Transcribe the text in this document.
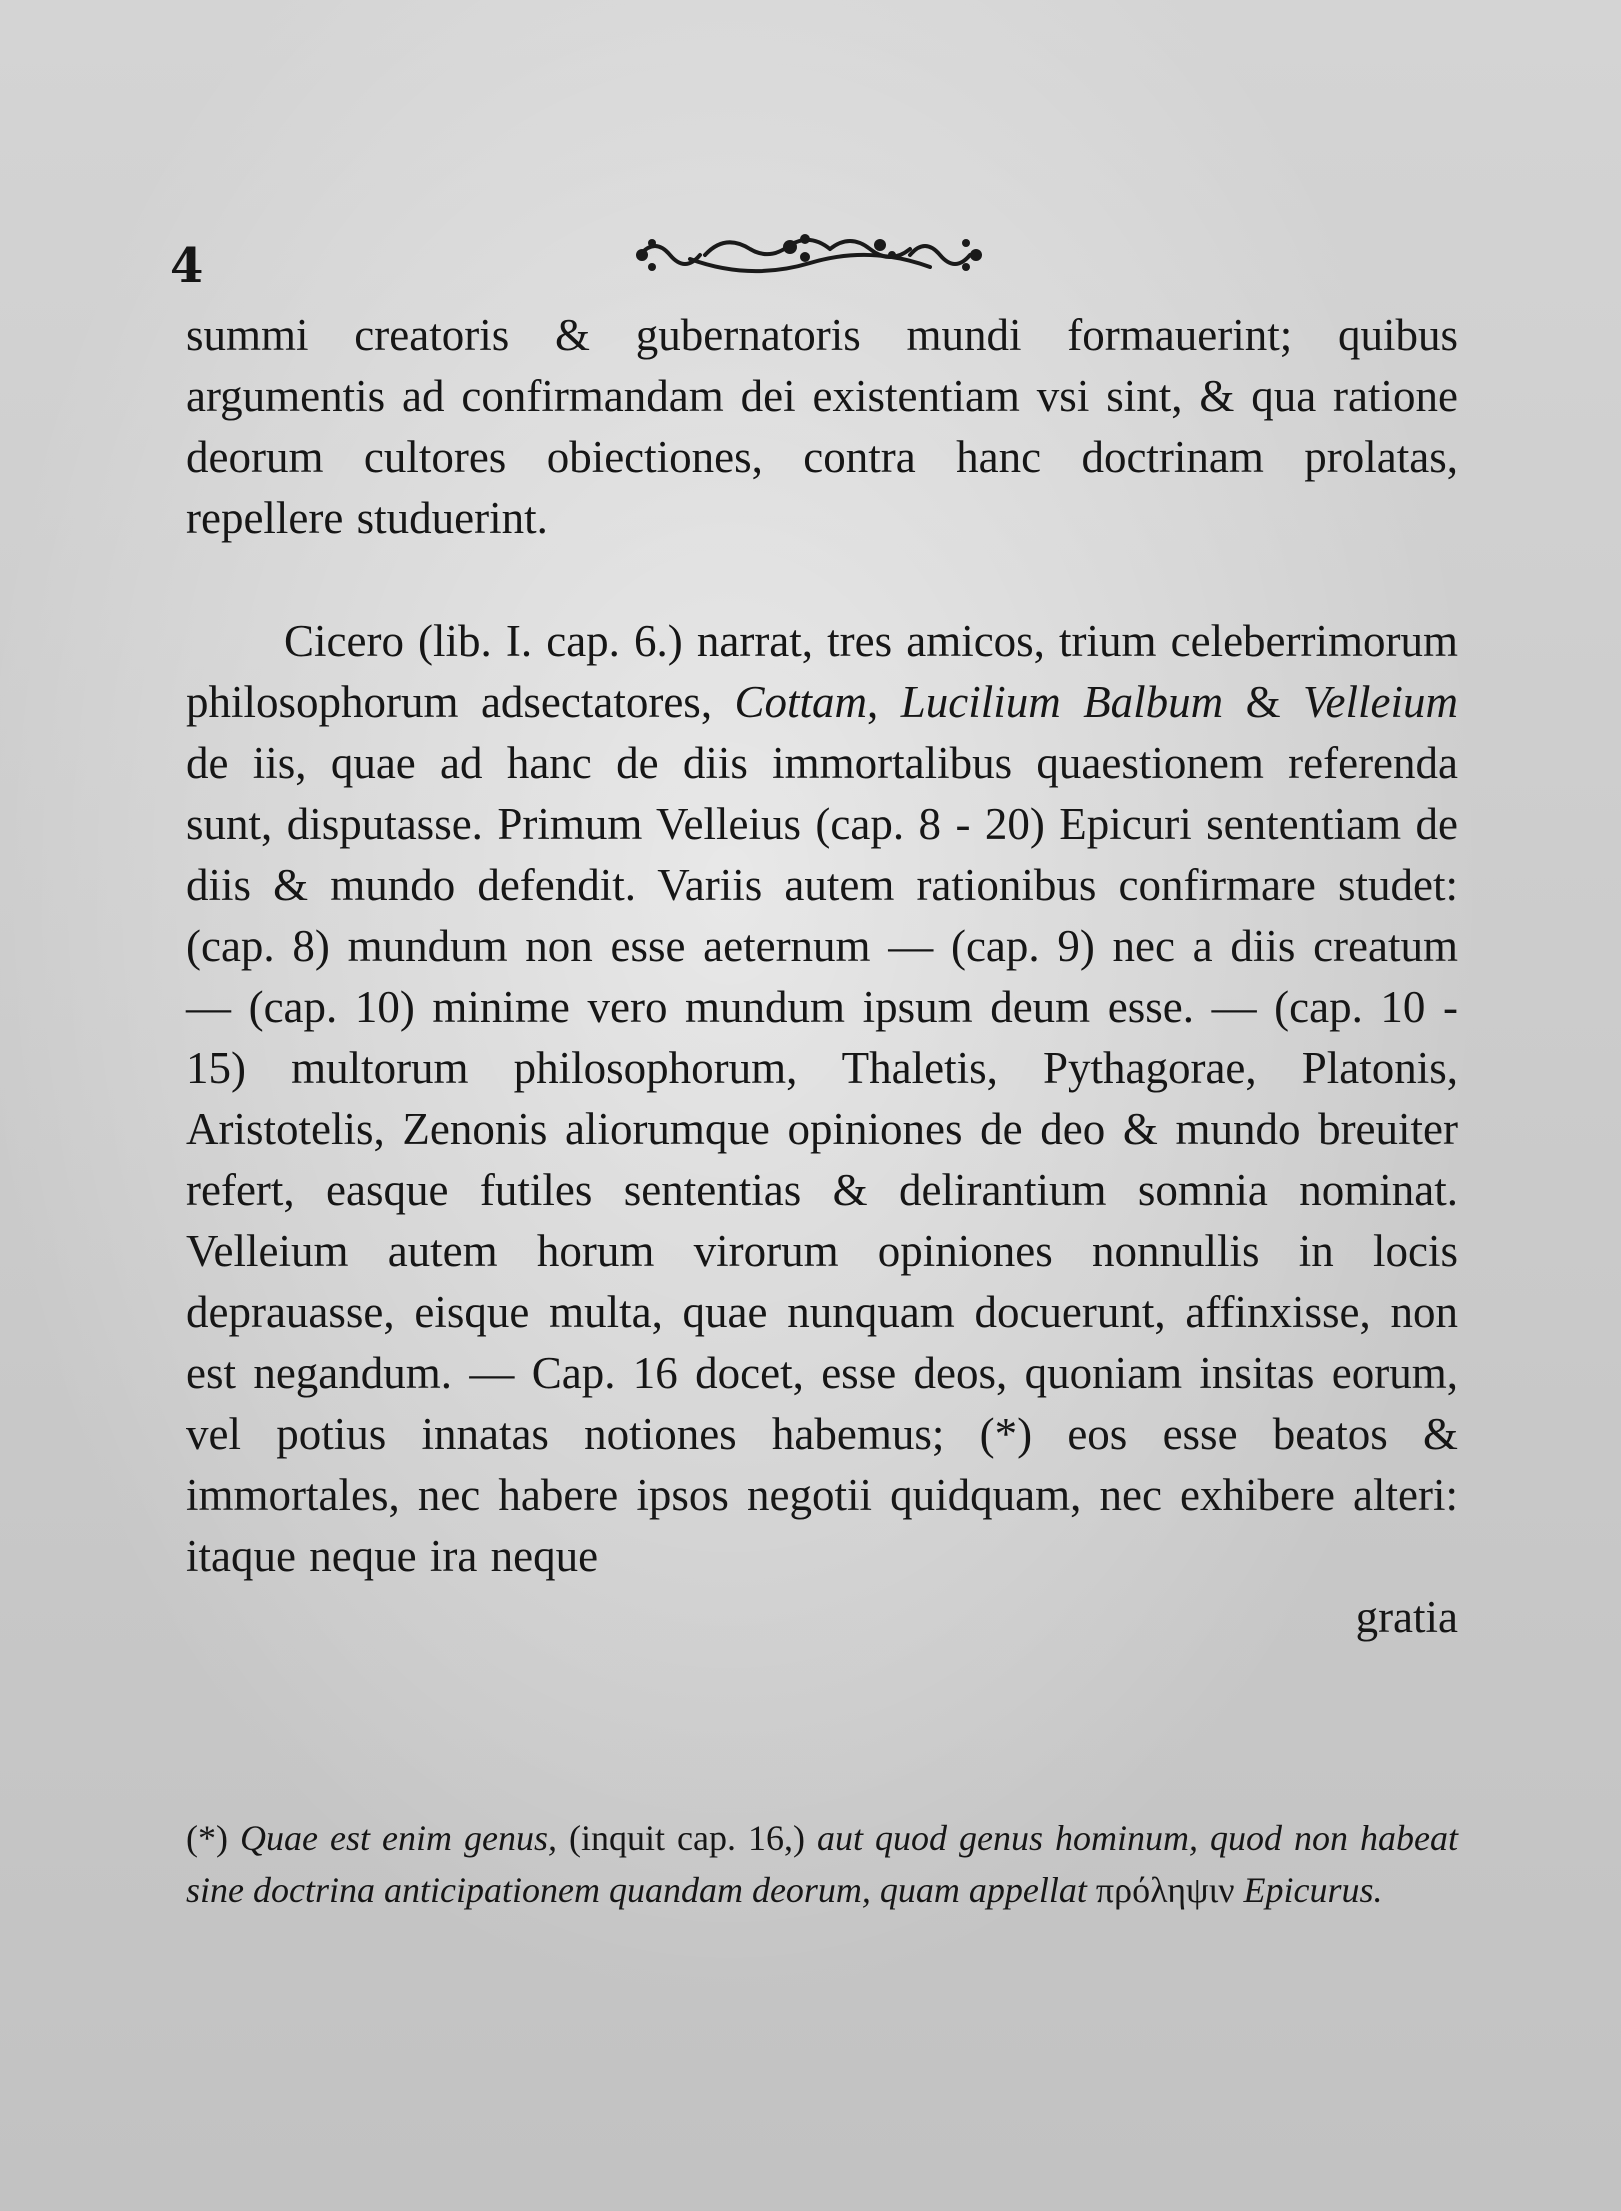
4

summi creatoris & gubernatoris mundi formauerint; quibus argumentis ad confirmandam dei existentiam vsi sint, & qua ratione deorum cultores obiectiones, contra hanc doctrinam prolatas, repellere studuerint.

Cicero (lib. I. cap. 6.) narrat, tres amicos, trium celeberrimorum philosophorum adsectatores, Cottam, Lucilium Balbum & Velleium de iis, quae ad hanc de diis immortalibus quaestionem referenda sunt, disputasse. Primum Velleius (cap. 8 - 20) Epicuri sententiam de diis & mundo defendit. Variis autem rationibus confirmare studet: (cap. 8) mundum non esse aeternum — (cap. 9) nec a diis creatum — (cap. 10) minime vero mundum ipsum deum esse. — (cap. 10 - 15) multorum philosophorum, Thaletis, Pythagorae, Platonis, Aristotelis, Zenonis aliorumque opiniones de deo & mundo breuiter refert, easque futiles sententias & delirantium somnia nominat. Velleium autem horum virorum opiniones nonnullis in locis deprauasse, eisque multa, quae nunquam docuerunt, affinxisse, non est negandum. — Cap. 16 docet, esse deos, quoniam insitas eorum, vel potius innatas notiones habemus; (*) eos esse beatos & immortales, nec habere ipsos negotii quidquam, nec exhibere alteri: itaque neque ira neque
gratia

(*) Quae est enim genus, (inquit cap. 16,) aut quod genus hominum, quod non habeat sine doctrina anticipationem quandam deorum, quam appellat πρόληψιν Epicurus.
